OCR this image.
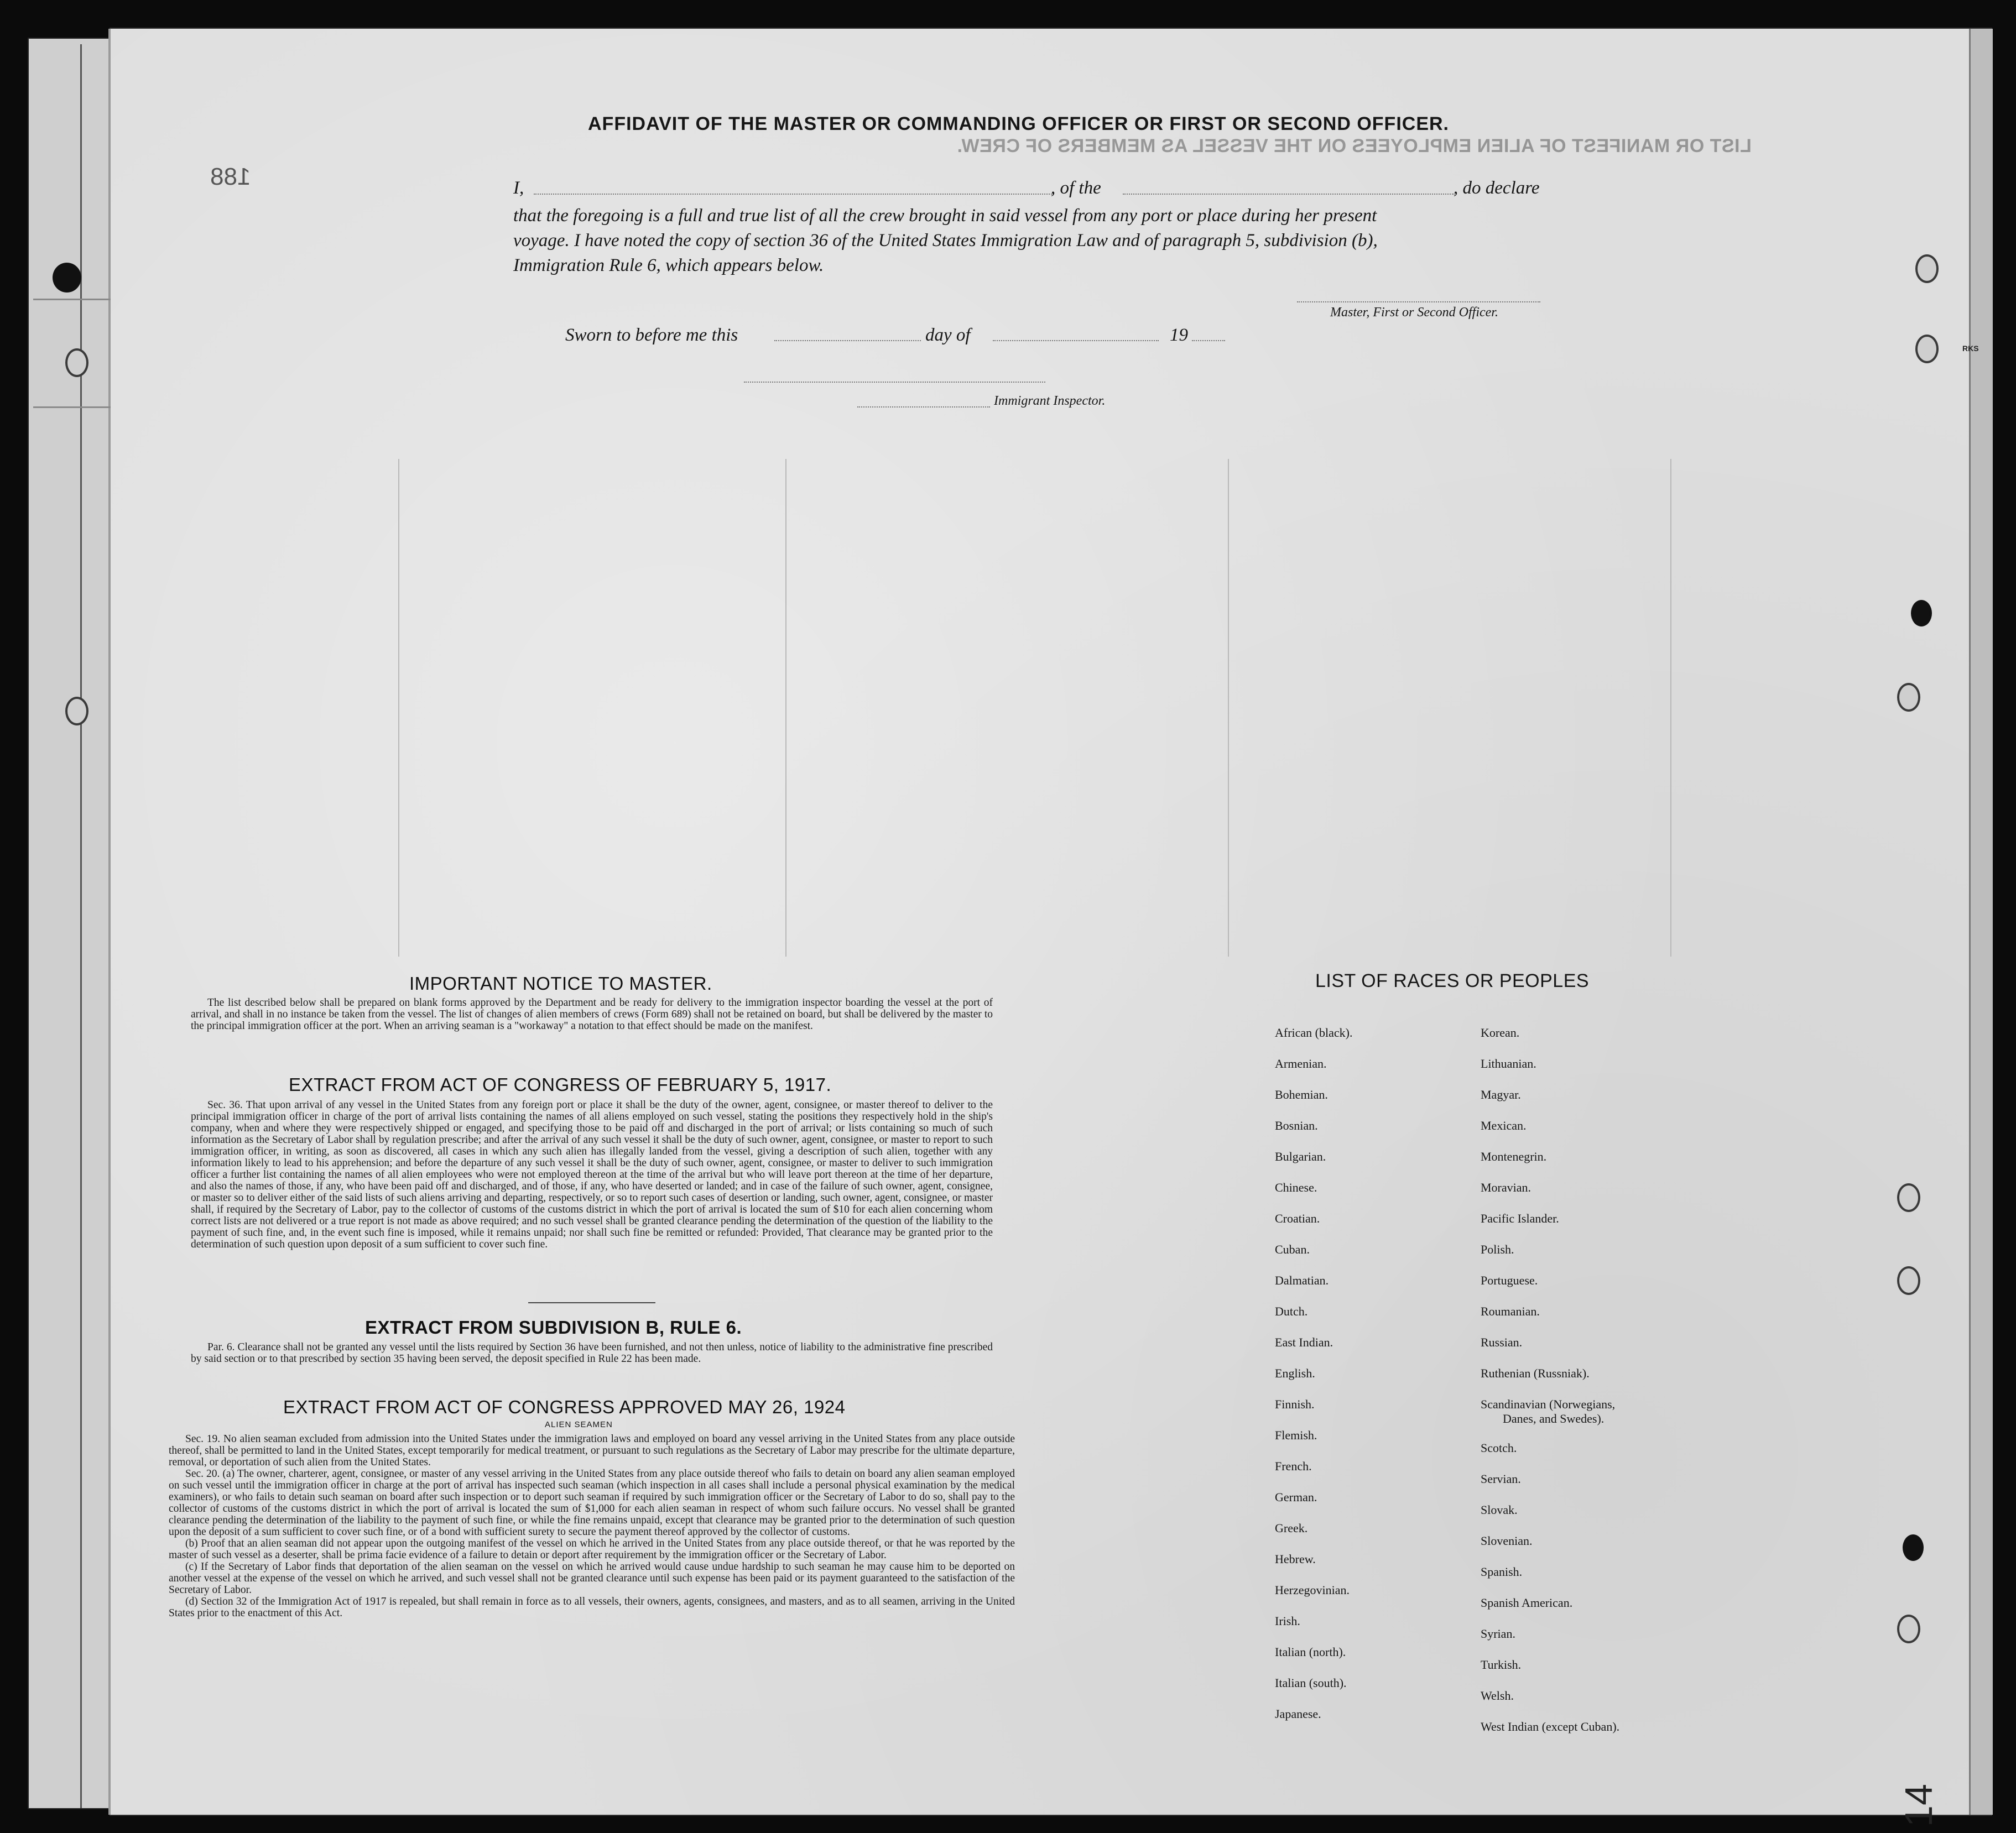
188
14
LIST OR MANIFEST OF ALIEN EMPLOYEES ON THE VESSEL AS MEMBERS OF CREW.
RKS
AFFIDAVIT OF THE MASTER OR COMMANDING OFFICER OR FIRST OR SECOND OFFICER.
I,	, of the	, do declare
that the foregoing is a full and true list of all the crew brought in said vessel from any port or place during her present
voyage. I have noted the copy of section 36 of the United States Immigration Law and of paragraph 5, subdivision (b),
Immigration Rule 6, which appears below.
Master, First or Second Officer.
Sworn to before me this	day of	19
Immigrant Inspector.
IMPORTANT NOTICE TO MASTER.

The list described below shall be prepared on blank forms approved by the Department and be ready for delivery to the immigration inspector boarding the vessel at the port of arrival, and shall in no instance be taken from the vessel. The list of changes of alien members of crews (Form 689) shall not be retained on board, but shall be delivered by the master to the principal immigration officer at the port. When an arriving seaman is a "workaway" a notation to that effect should be made on the manifest.

EXTRACT FROM ACT OF CONGRESS OF FEBRUARY 5, 1917.

Sec. 36. That upon arrival of any vessel in the United States from any foreign port or place it shall be the duty of the owner, agent, consignee, or master thereof to deliver to the principal immigration officer in charge of the port of arrival lists containing the names of all aliens employed on such vessel, stating the positions they respectively hold in the ship's company, when and where they were respectively shipped or engaged, and specifying those to be paid off and discharged in the port of arrival; or lists containing so much of such information as the Secretary of Labor shall by regulation prescribe; and after the arrival of any such vessel it shall be the duty of such owner, agent, consignee, or master to report to such immigration officer, in writing, as soon as discovered, all cases in which any such alien has illegally landed from the vessel, giving a description of such alien, together with any information likely to lead to his apprehension; and before the departure of any such vessel it shall be the duty of such owner, agent, consignee, or master to deliver to such immigration officer a further list containing the names of all alien employees who were not employed thereon at the time of the arrival but who will leave port thereon at the time of her departure, and also the names of those, if any, who have been paid off and discharged, and of those, if any, who have deserted or landed; and in case of the failure of such owner, agent, consignee, or master so to deliver either of the said lists of such aliens arriving and departing, respectively, or so to report such cases of desertion or landing, such owner, agent, consignee, or master shall, if required by the Secretary of Labor, pay to the collector of customs of the customs district in which the port of arrival is located the sum of $10 for each alien concerning whom correct lists are not delivered or a true report is not made as above required; and no such vessel shall be granted clearance pending the determination of the question of the liability to the payment of such fine, and, in the event such fine is imposed, while it remains unpaid; nor shall such fine be remitted or refunded: Provided, That clearance may be granted prior to the determination of such question upon deposit of a sum sufficient to cover such fine.

EXTRACT FROM SUBDIVISION B, RULE 6.

Par. 6. Clearance shall not be granted any vessel until the lists required by Section 36 have been furnished, and not then unless, notice of liability to the administrative fine prescribed by said section or to that prescribed by section 35 having been served, the deposit specified in Rule 22 has been made.

EXTRACT FROM ACT OF CONGRESS APPROVED MAY 26, 1924
ALIEN SEAMEN

Sec. 19. No alien seaman excluded from admission into the United States under the immigration laws and employed on board any vessel arriving in the United States from any place outside thereof, shall be permitted to land in the United States, except temporarily for medical treatment, or pursuant to such regulations as the Secretary of Labor may prescribe for the ultimate departure, removal, or deportation of such alien from the United States.

Sec. 20. (a) The owner, charterer, agent, consignee, or master of any vessel arriving in the United States from any place outside thereof who fails to detain on board any alien seaman employed on such vessel until the immigration officer in charge at the port of arrival has inspected such seaman (which inspection in all cases shall include a personal physical examination by the medical examiners), or who fails to detain such seaman on board after such inspection or to deport such seaman if required by such immigration officer or the Secretary of Labor to do so, shall pay to the collector of customs of the customs district in which the port of arrival is located the sum of $1,000 for each alien seaman in respect of whom such failure occurs. No vessel shall be granted clearance pending the determination of the liability to the payment of such fine, or while the fine remains unpaid, except that clearance may be granted prior to the determination of such question upon the deposit of a sum sufficient to cover such fine, or of a bond with sufficient surety to secure the payment thereof approved by the collector of customs.

(b) Proof that an alien seaman did not appear upon the outgoing manifest of the vessel on which he arrived in the United States from any place outside thereof, or that he was reported by the master of such vessel as a deserter, shall be prima facie evidence of a failure to detain or deport after requirement by the immigration officer or the Secretary of Labor.

(c) If the Secretary of Labor finds that deportation of the alien seaman on the vessel on which he arrived would cause undue hardship to such seaman he may cause him to be deported on another vessel at the expense of the vessel on which he arrived, and such vessel shall not be granted clearance until such expense has been paid or its payment guaranteed to the satisfaction of the Secretary of Labor.

(d) Section 32 of the Immigration Act of 1917 is repealed, but shall remain in force as to all vessels, their owners, agents, consignees, and masters, and as to all seamen, arriving in the United States prior to the enactment of this Act.

LIST OF RACES OR PEOPLES
African (black).
Armenian.
Bohemian.
Bosnian.
Bulgarian.
Chinese.
Croatian.
Cuban.
Dalmatian.
Dutch.
East Indian.
English.
Finnish.
Flemish.
French.
German.
Greek.
Hebrew.
Herzegovinian.
Irish.
Italian (north).
Italian (south).
Japanese.
Korean.
Lithuanian.
Magyar.
Mexican.
Montenegrin.
Moravian.
Pacific Islander.
Polish.
Portuguese.
Roumanian.
Russian.
Ruthenian (Russniak).
Scandinavian (Norwegians,
Danes, and Swedes).
Scotch.
Servian.
Slovak.
Slovenian.
Spanish.
Spanish American.
Syrian.
Turkish.
Welsh.
West Indian (except Cuban).
